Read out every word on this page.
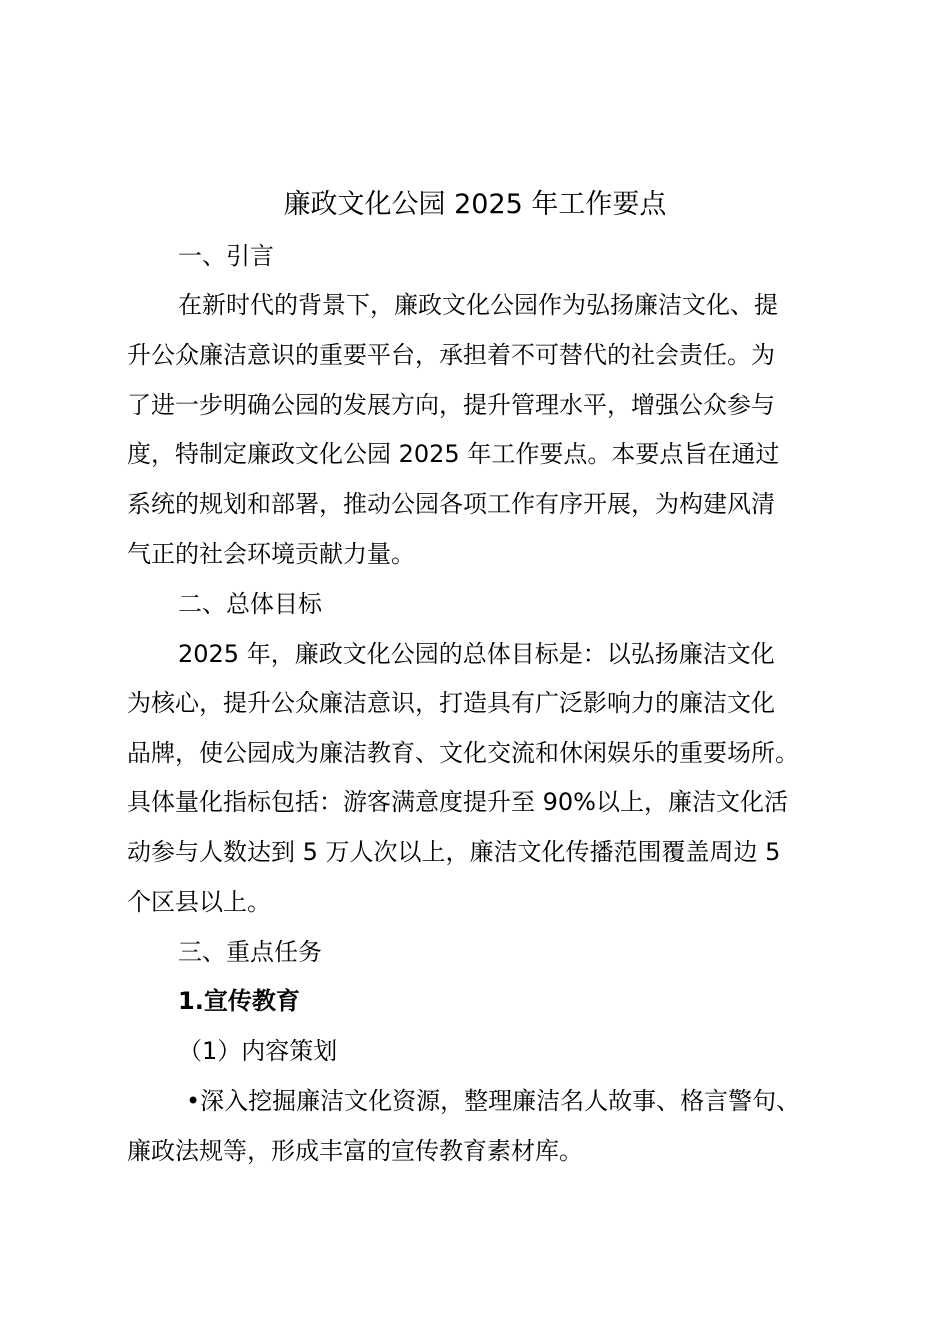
廉政文化公园 2025 年工作要点
一、引言
在新时代的背景下，廉政文化公园作为弘扬廉洁文化、提
升公众廉洁意识的重要平台，承担着不可替代的社会责任。为
了进一步明确公园的发展方向，提升管理水平，增强公众参与
度，特制定廉政文化公园 2025 年工作要点。本要点旨在通过
系统的规划和部署，推动公园各项工作有序开展，为构建风清
气正的社会环境贡献力量。
二、总体目标
2025 年，廉政文化公园的总体目标是：以弘扬廉洁文化
为核心，提升公众廉洁意识，打造具有广泛影响力的廉洁文化
品牌，使公园成为廉洁教育、文化交流和休闲娱乐的重要场所。
具体量化指标包括：游客满意度提升至 90%以上，廉洁文化活
动参与人数达到 5 万人次以上，廉洁文化传播范围覆盖周边 5
个区县以上。
三、重点任务
1.宣传教育
（1）内容策划
•深入挖掘廉洁文化资源，整理廉洁名人故事、格言警句、
廉政法规等，形成丰富的宣传教育素材库。
